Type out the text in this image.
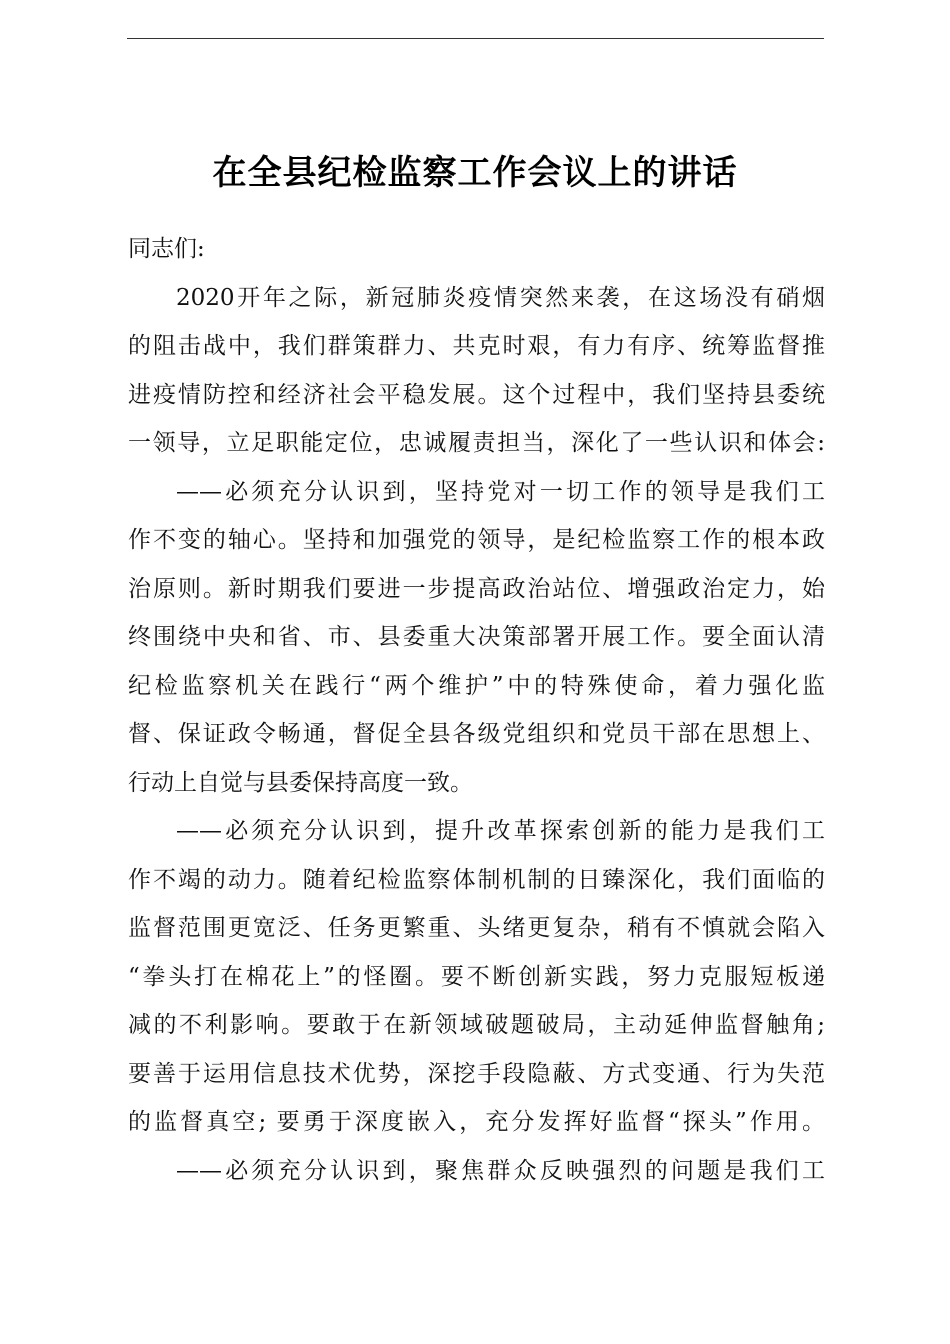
在全县纪检监察工作会议上的讲话
同志们:
2020开年之际，新冠肺炎疫情突然来袭，在这场没有硝烟
的阻击战中，我们群策群力、共克时艰，有力有序、统筹监督推
进疫情防控和经济社会平稳发展。这个过程中，我们坚持县委统
一领导，立足职能定位，忠诚履责担当，深化了一些认识和体会:
——必须充分认识到，坚持党对一切工作的领导是我们工
作不变的轴心。坚持和加强党的领导，是纪检监察工作的根本政
治原则。新时期我们要进一步提高政治站位、增强政治定力，始
终围绕中央和省、市、县委重大决策部署开展工作。要全面认清
纪检监察机关在践行“两个维护”中的特殊使命，着力强化监
督、保证政令畅通，督促全县各级党组织和党员干部在思想上、
行动上自觉与县委保持高度一致。
——必须充分认识到，提升改革探索创新的能力是我们工
作不竭的动力。随着纪检监察体制机制的日臻深化，我们面临的
监督范围更宽泛、任务更繁重、头绪更复杂，稍有不慎就会陷入
“拳头打在棉花上”的怪圈。要不断创新实践，努力克服短板递
减的不利影响。要敢于在新领域破题破局，主动延伸监督触角;
要善于运用信息技术优势，深挖手段隐蔽、方式变通、行为失范
的监督真空; 要勇于深度嵌入，充分发挥好监督“探头”作用。
——必须充分认识到，聚焦群众反映强烈的问题是我们工
